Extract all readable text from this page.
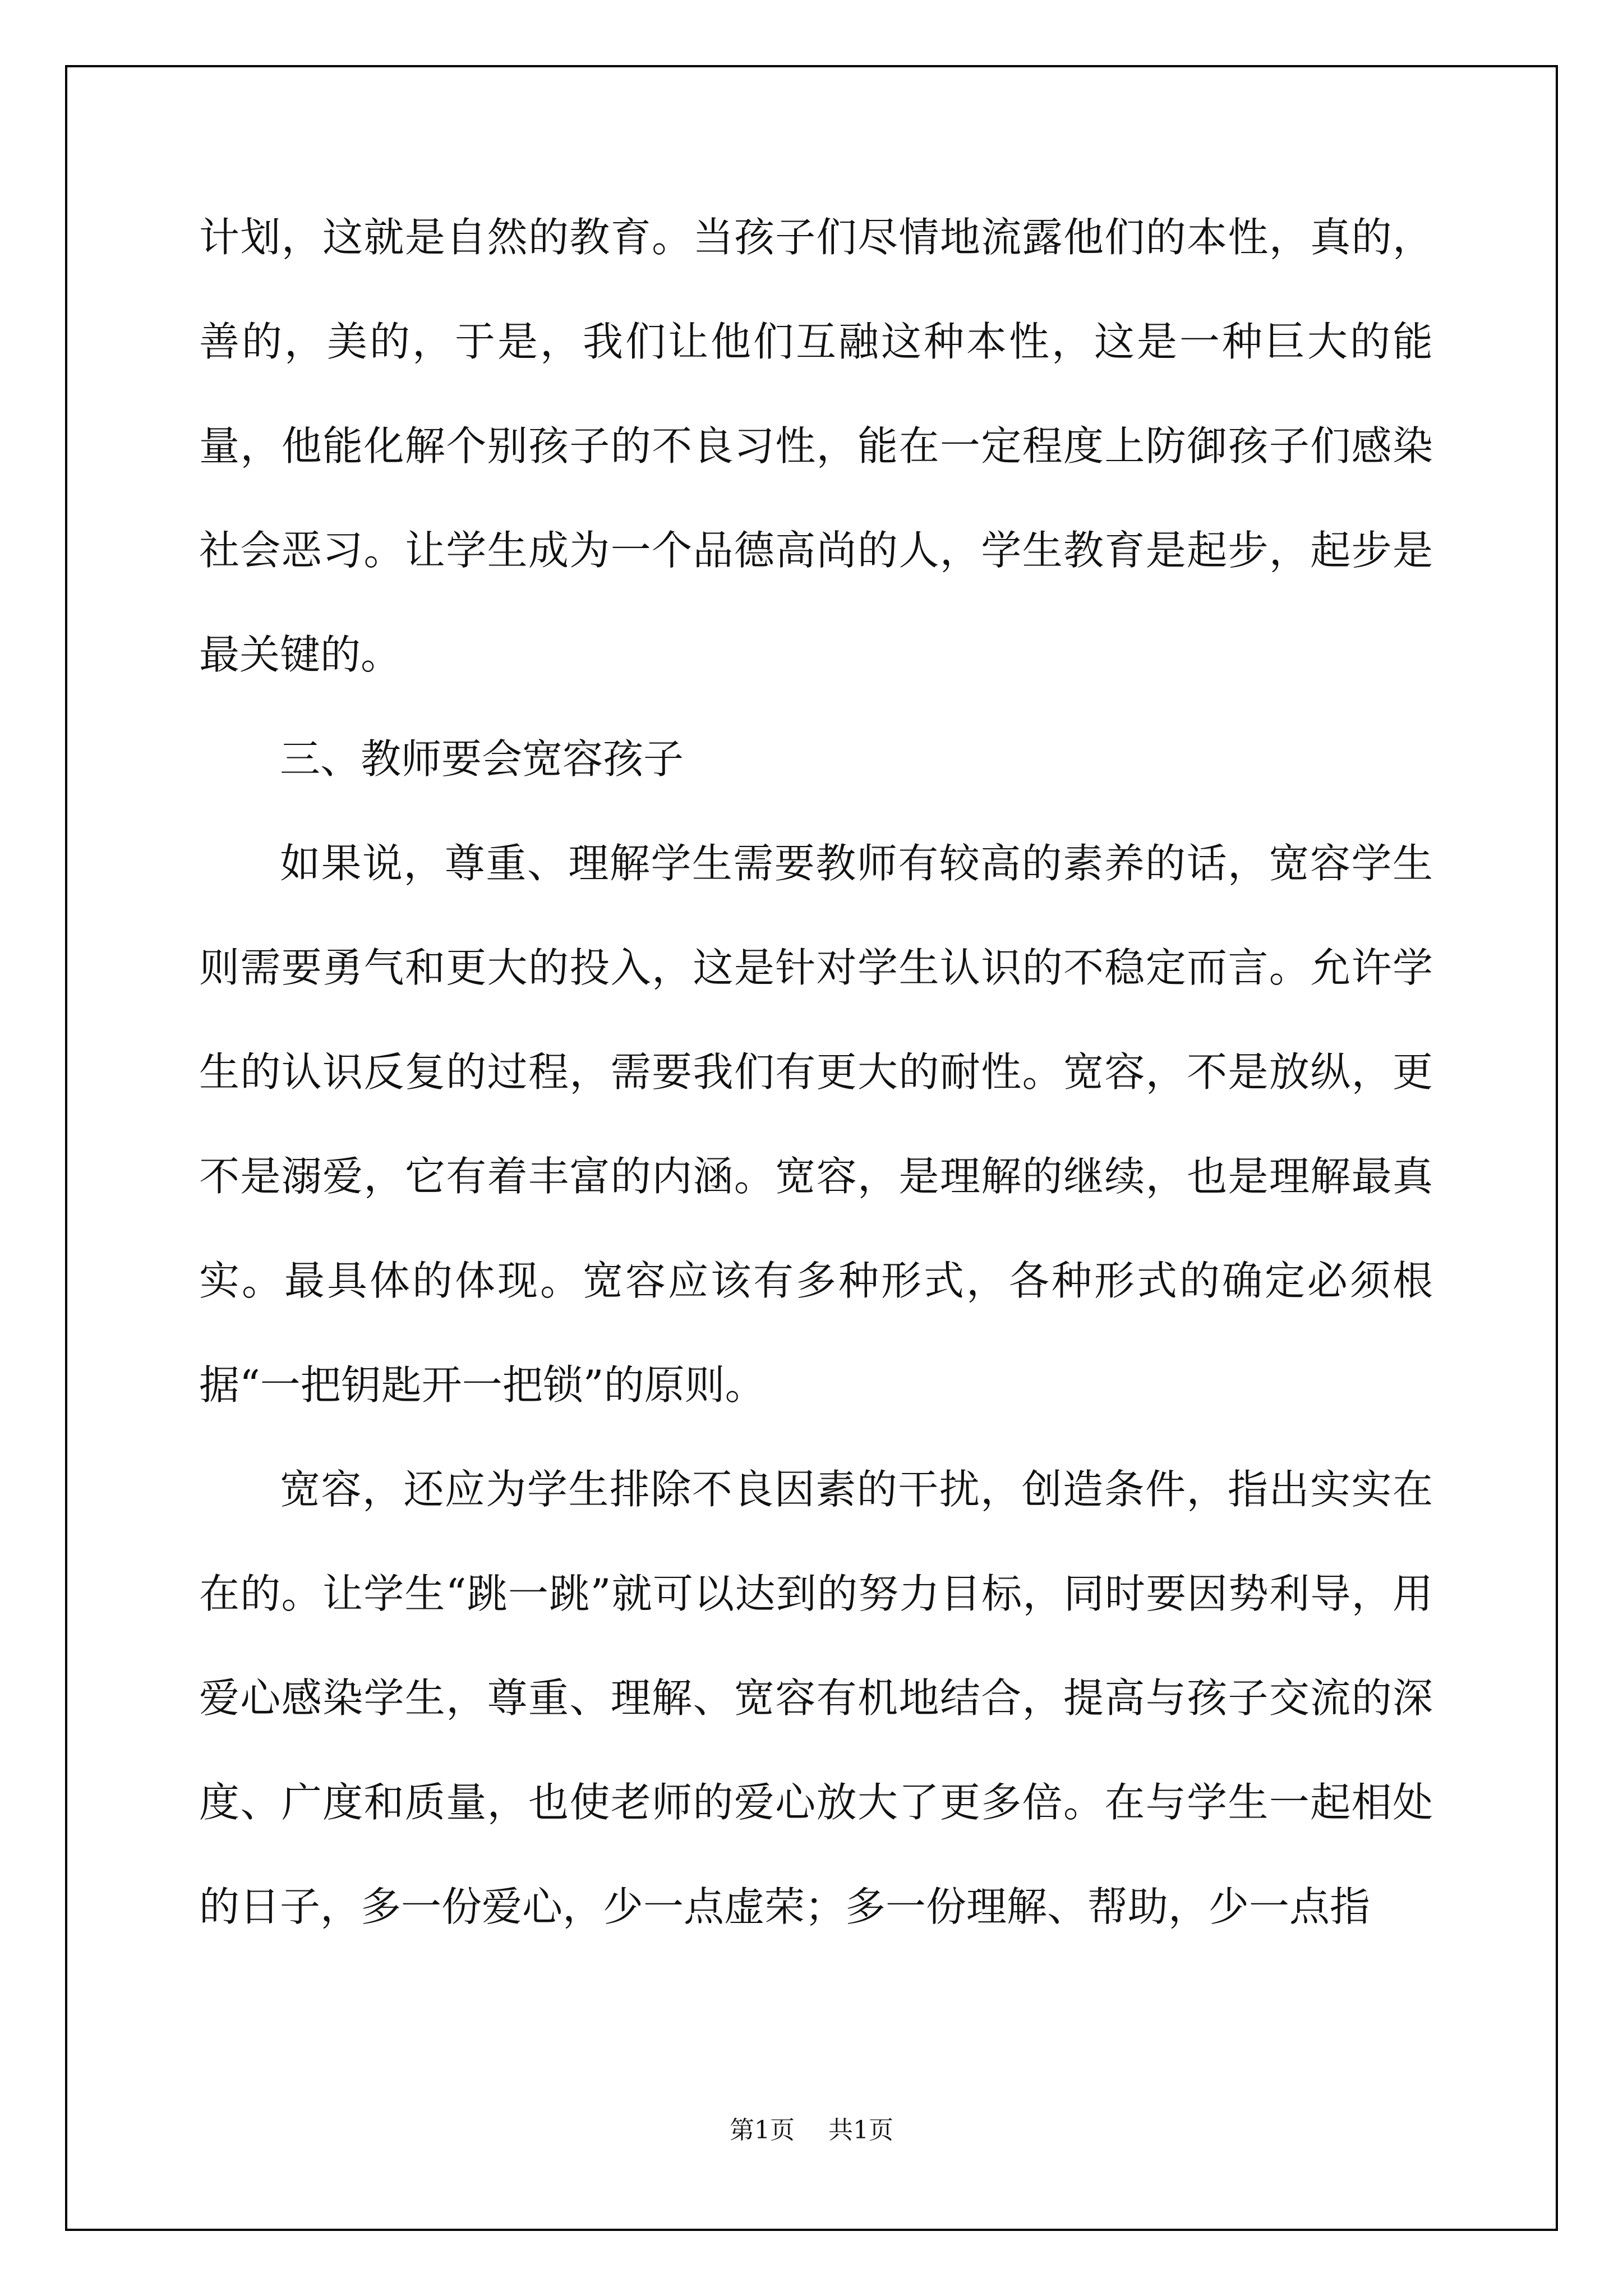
计划，这就是自然的教育。当孩子们尽情地流露他们的本性，真的，善的，美的，于是，我们让他们互融这种本性，这是一种巨大的能量，他能化解个别孩子的不良习性，能在一定程度上防御孩子们感染社会恶习。让学生成为一个品德高尚的人，学生教育是起步，起步是最关键的。

三、教师要会宽容孩子

如果说，尊重、理解学生需要教师有较高的素养的话，宽容学生则需要勇气和更大的投入，这是针对学生认识的不稳定而言。允许学生的认识反复的过程，需要我们有更大的耐性。宽容，不是放纵，更不是溺爱，它有着丰富的内涵。宽容，是理解的继续，也是理解最真实。最具体的体现。宽容应该有多种形式，各种形式的确定必须根据“一把钥匙开一把锁”的原则。

宽容，还应为学生排除不良因素的干扰，创造条件，指出实实在在的。让学生“跳一跳”就可以达到的努力目标，同时要因势利导，用爱心感染学生，尊重、理解、宽容有机地结合，提高与孩子交流的深度、广度和质量，也使老师的爱心放大了更多倍。在与学生一起相处的日子，多一份爱心，少一点虚荣；多一份理解、帮助，少一点指

第1页 共1页
